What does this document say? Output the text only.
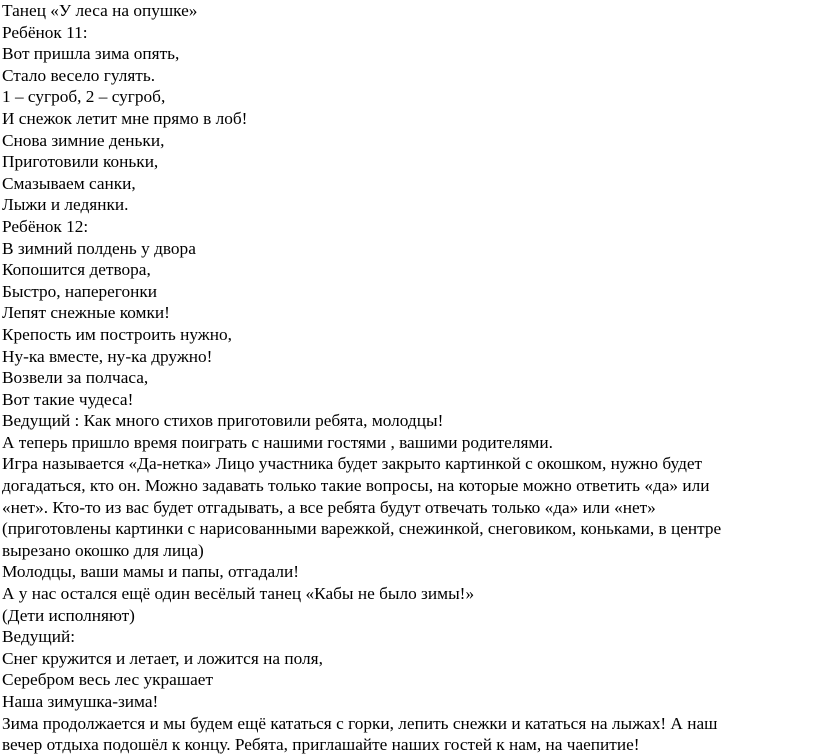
Танец «У леса на опушке»
Ребёнок 11:
Вот пришла зима опять,
Стало весело гулять.
1 – сугроб, 2 – сугроб,
И снежок летит мне прямо в лоб!
Снова зимние деньки,
Приготовили коньки,
Смазываем санки,
Лыжи и ледянки.
Ребёнок 12:
В зимний полдень у двора
Копошится детвора,
Быстро, наперегонки
Лепят снежные комки!
Крепость им построить нужно,
Ну-ка вместе, ну-ка дружно!
Возвели за полчаса,
Вот такие чудеса!
Ведущий : Как много стихов приготовили ребята, молодцы!
А теперь пришло время поиграть с нашими гостями , вашими родителями.
Игра называется «Да-нетка» Лицо участника будет закрыто картинкой с окошком, нужно будет
догадаться, кто он. Можно задавать только такие вопросы, на которые можно ответить «да» или
«нет». Кто-то из вас будет отгадывать, а все ребята будут отвечать только «да» или «нет»
(приготовлены картинки с нарисованными варежкой, снежинкой, снеговиком, коньками, в центре
вырезано окошко для лица)
Молодцы, ваши мамы и папы, отгадали!
А у нас остался ещё один весёлый танец «Кабы не было зимы!»
(Дети исполняют)
Ведущий:
Снег кружится и летает, и ложится на поля,
Серебром весь лес украшает
Наша зимушка-зима!
Зима продолжается и мы будем ещё кататься с горки, лепить снежки и кататься на лыжах! А наш
вечер отдыха подошёл к концу. Ребята, приглашайте наших гостей к нам, на чаепитие!
